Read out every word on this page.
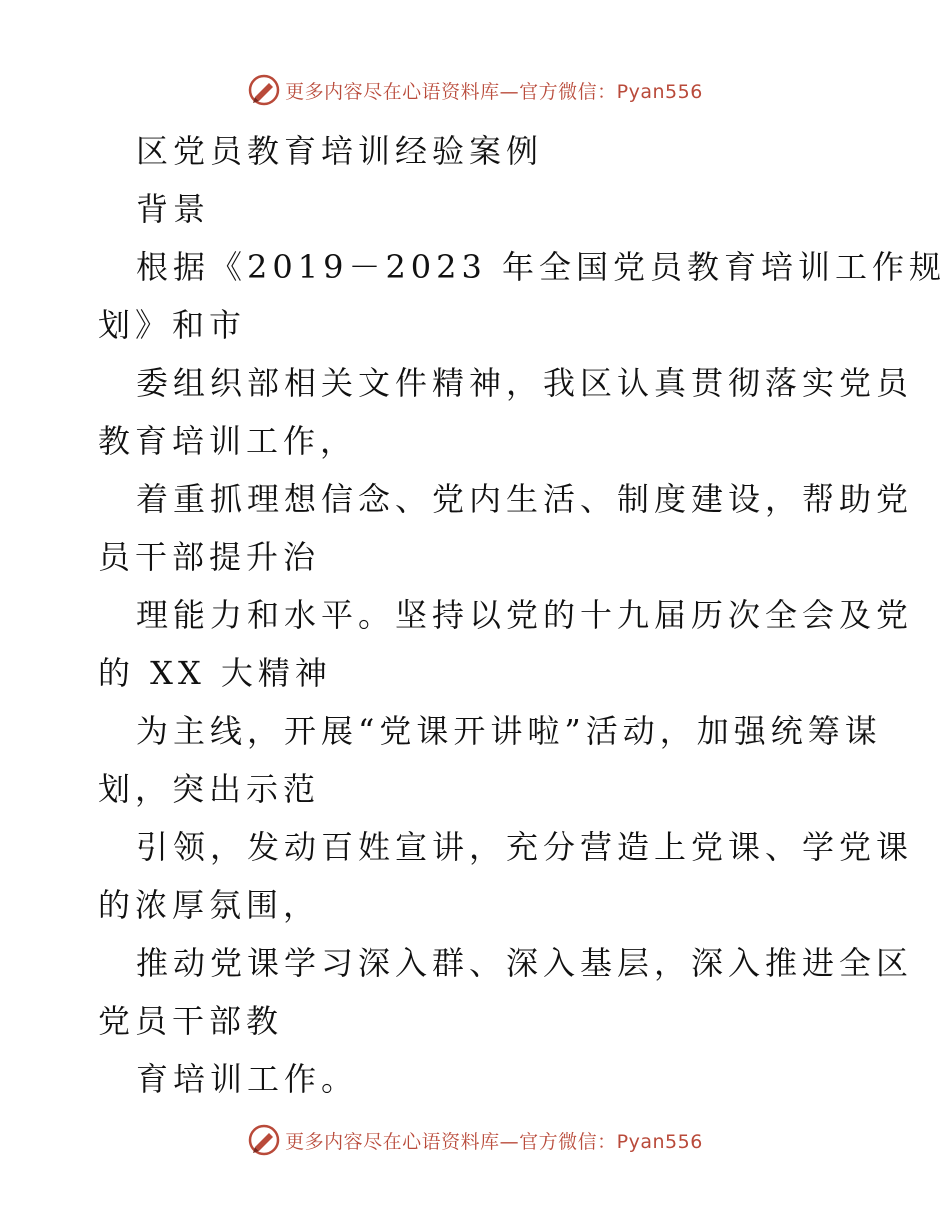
更多内容尽在心语资料库—官方微信：Pyan556
区党员教育培训经验案例
背景
根据《2019－2023 年全国党员教育培训工作规
划》和市
委组织部相关文件精神，我区认真贯彻落实党员
教育培训工作，
着重抓理想信念、党内生活、制度建设，帮助党
员干部提升治
理能力和水平。坚持以党的十九届历次全会及党
的 XX 大精神
为主线，开展“党课开讲啦”活动，加强统筹谋
划，突出示范
引领，发动百姓宣讲，充分营造上党课、学党课
的浓厚氛围，
推动党课学习深入群、深入基层，深入推进全区
党员干部教
育培训工作。
更多内容尽在心语资料库—官方微信：Pyan556
